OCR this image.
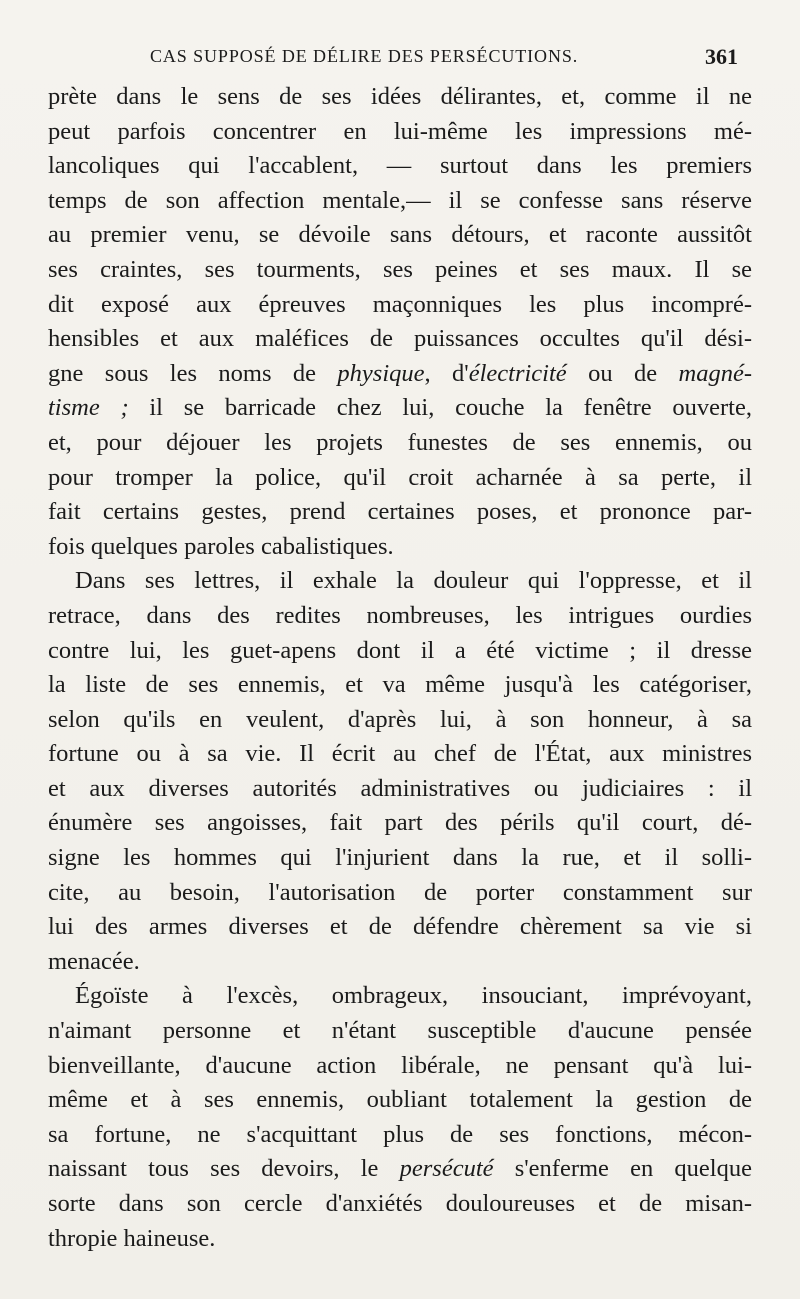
CAS SUPPOSÉ DE DÉLIRE DES PERSÉCUTIONS.	361
prète dans le sens de ses idées délirantes, et, comme il ne
peut parfois concentrer en lui-même les impressions mé-
lancoliques qui l'accablent, — surtout dans les premiers
temps de son affection mentale,— il se confesse sans réserve
au premier venu, se dévoile sans détours, et raconte aussitôt
ses craintes, ses tourments, ses peines et ses maux. Il se
dit exposé aux épreuves maçonniques les plus incompré-
hensibles et aux maléfices de puissances occultes qu'il dési-
gne sous les noms de physique, d'électricité ou de magné-
tisme ; il se barricade chez lui, couche la fenêtre ouverte,
et, pour déjouer les projets funestes de ses ennemis, ou
pour tromper la police, qu'il croit acharnée à sa perte, il
fait certains gestes, prend certaines poses, et prononce par-
fois quelques paroles cabalistiques.
Dans ses lettres, il exhale la douleur qui l'oppresse, et il
retrace, dans des redites nombreuses, les intrigues ourdies
contre lui, les guet-apens dont il a été victime ; il dresse
la liste de ses ennemis, et va même jusqu'à les catégoriser,
selon qu'ils en veulent, d'après lui, à son honneur, à sa
fortune ou à sa vie. Il écrit au chef de l'État, aux ministres
et aux diverses autorités administratives ou judiciaires : il
énumère ses angoisses, fait part des périls qu'il court, dé-
signe les hommes qui l'injurient dans la rue, et il solli-
cite, au besoin, l'autorisation de porter constamment sur
lui des armes diverses et de défendre chèrement sa vie si
menacée.
Égoïste à l'excès, ombrageux, insouciant, imprévoyant,
n'aimant personne et n'étant susceptible d'aucune pensée
bienveillante, d'aucune action libérale, ne pensant qu'à lui-
même et à ses ennemis, oubliant totalement la gestion de
sa fortune, ne s'acquittant plus de ses fonctions, mécon-
naissant tous ses devoirs, le persécuté s'enferme en quelque
sorte dans son cercle d'anxiétés douloureuses et de misan-
thropie haineuse.
